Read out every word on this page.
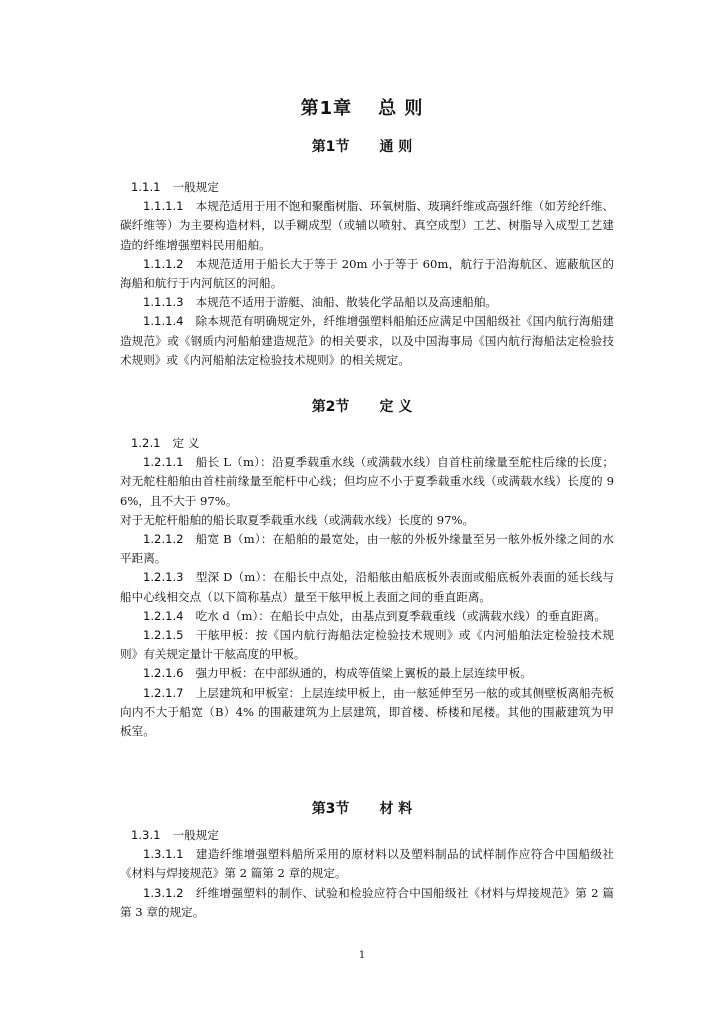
第1章 总 则
第1节 通 则

1.1.1 一般规定

1.1.1.1 本规范适用于用不饱和聚酯树脂、环氧树脂、玻璃纤维或高强纤维（如芳纶纤维、碳纤维等）为主要构造材料，以手糊成型（或辅以喷射、真空成型）工艺、树脂导入成型工艺建造的纤维增强塑料民用船舶。

1.1.1.2 本规范适用于船长大于等于 20m 小于等于 60m，航行于沿海航区、遮蔽航区的海船和航行于内河航区的河船。

1.1.1.3 本规范不适用于游艇、油船、散装化学品船以及高速船舶。

1.1.1.4 除本规范有明确规定外，纤维增强塑料船舶还应满足中国船级社《国内航行海船建造规范》或《钢质内河船舶建造规范》的相关要求，以及中国海事局《国内航行海船法定检验技术规则》或《内河船舶法定检验技术规则》的相关规定。

第2节 定 义

1.2.1 定 义

1.2.1.1 船长 L（m）：沿夏季载重水线（或满载水线）自首柱前缘量至舵柱后缘的长度；对无舵柱船舶由首柱前缘量至舵杆中心线；但均应不小于夏季载重水线（或满载水线）长度的 96%，且不大于 97%。

对于无舵杆船舶的船长取夏季载重水线（或满载水线）长度的 97%。

1.2.1.2 船宽 B（m）：在船舶的最宽处，由一舷的外板外缘量至另一舷外板外缘之间的水平距离。

1.2.1.3 型深 D（m）：在船长中点处，沿船舷由船底板外表面或船底板外表面的延长线与船中心线相交点（以下简称基点）量至干舷甲板上表面之间的垂直距离。

1.2.1.4 吃水 d（m）：在船长中点处，由基点到夏季载重线（或满载水线）的垂直距离。

1.2.1.5 干舷甲板：按《国内航行海船法定检验技术规则》或《内河船舶法定检验技术规则》有关规定量计干舷高度的甲板。

1.2.1.6 强力甲板：在中部纵通的，构成等值梁上翼板的最上层连续甲板。

1.2.1.7 上层建筑和甲板室：上层连续甲板上，由一舷延伸至另一舷的或其侧壁板离船壳板向内不大于船宽（B）4% 的围蔽建筑为上层建筑，即首楼、桥楼和尾楼。其他的围蔽建筑为甲板室。

第3节 材 料

1.3.1 一般规定

1.3.1.1 建造纤维增强塑料船所采用的原材料以及塑料制品的试样制作应符合中国船级社《材料与焊接规范》第 2 篇第 2 章的规定。

1.3.1.2 纤维增强塑料的制作、试验和检验应符合中国船级社《材料与焊接规范》第 2 篇第 3 章的规定。

1
